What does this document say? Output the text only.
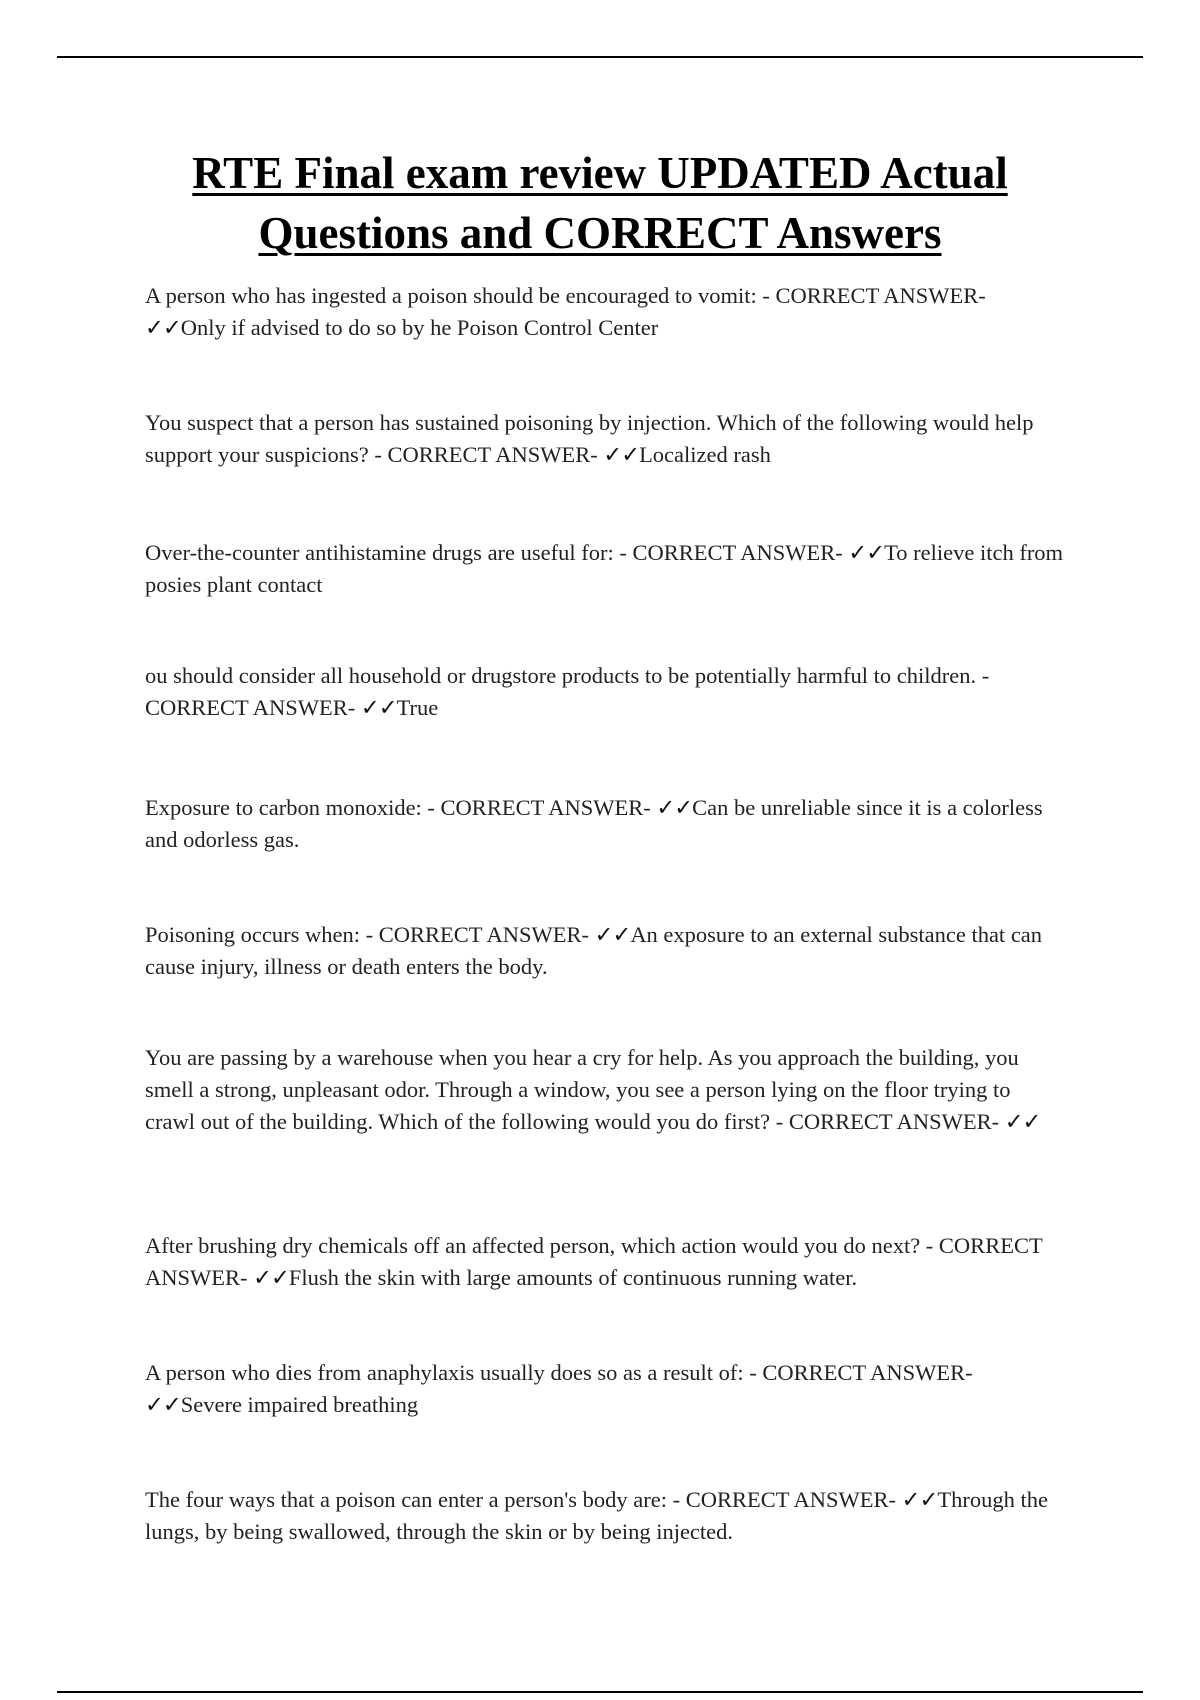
RTE Final exam review UPDATED Actual
Questions and CORRECT Answers

A person who has ingested a poison should be encouraged to vomit: - CORRECT ANSWER- ✓✓Only if advised to do so by he Poison Control Center

You suspect that a person has sustained poisoning by injection. Which of the following would help support your suspicions? - CORRECT ANSWER- ✓✓Localized rash

Over-the-counter antihistamine drugs are useful for: - CORRECT ANSWER- ✓✓To relieve itch from posies plant contact

ou should consider all household or drugstore products to be potentially harmful to children. - CORRECT ANSWER- ✓✓True

Exposure to carbon monoxide: - CORRECT ANSWER- ✓✓Can be unreliable since it is a colorless and odorless gas.

Poisoning occurs when: - CORRECT ANSWER- ✓✓An exposure to an external substance that can cause injury, illness or death enters the body.

You are passing by a warehouse when you hear a cry for help. As you approach the building, you smell a strong, unpleasant odor. Through a window, you see a person lying on the floor trying to crawl out of the building. Which of the following would you do first? - CORRECT ANSWER- ✓✓

After brushing dry chemicals off an affected person, which action would you do next? - CORRECT ANSWER- ✓✓Flush the skin with large amounts of continuous running water.

A person who dies from anaphylaxis usually does so as a result of: - CORRECT ANSWER- ✓✓Severe impaired breathing

The four ways that a poison can enter a person's body are: - CORRECT ANSWER- ✓✓Through the lungs, by being swallowed, through the skin or by being injected.
